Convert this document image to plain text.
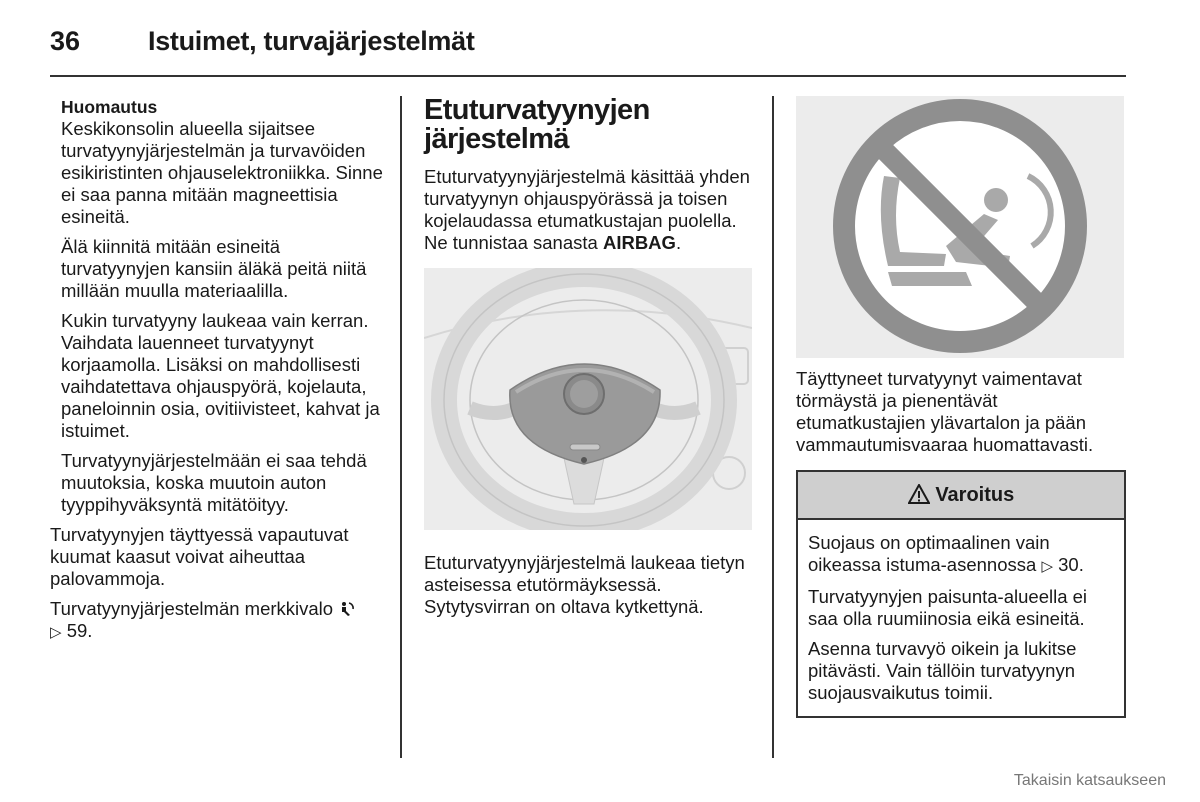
36	Istuimet, turvajärjestelmät

Huomautus

Keskikonsolin alueella sijaitsee turvatyynyjärjestelmän ja turvavöiden esikiristinten ohjauselektroniikka. Sinne ei saa panna mitään magneettisia esineitä.

Älä kiinnitä mitään esineitä turvatyynyjen kansiin äläkä peitä niitä millään muulla materiaalilla.

Kukin turvatyyny laukeaa vain kerran. Vaihdata lauenneet turvatyynyt korjaamolla. Lisäksi on mahdollisesti vaihdatettava ohjauspyörä, kojelauta, paneloinnin osia, ovitiivisteet, kahvat ja istuimet.

Turvatyynyjärjestelmään ei saa tehdä muutoksia, koska muutoin auton tyyppihyväksyntä mitätöityy.

Turvatyynyjen täyttyessä vapautuvat kuumat kaasut voivat aiheuttaa palovammoja.

Turvatyynyjärjestelmän merkkivalo
▷ 59.

Etuturvatyynyjen järjestelmä

Etuturvatyynyjärjestelmä käsittää yhden turvatyynyn ohjauspyörässä ja toisen kojelaudassa etumatkustajan puolella. Ne tunnistaa sanasta AIRBAG.

Etuturvatyynyjärjestelmä laukeaa tietyn asteisessa etutörmäyksessä. Sytytysvirran on oltava kytkettynä.

Täyttyneet turvatyynyt vaimentavat törmäystä ja pienentävät etumatkustajien ylävartalon ja pään vammautumisvaaraa huomattavasti.

Varoitus

Suojaus on optimaalinen vain oikeassa istuma-asennossa ▷ 30.

Turvatyynyjen paisunta-alueella ei saa olla ruumiinosia eikä esineitä.

Asenna turvavyö oikein ja lukitse pitävästi. Vain tällöin turvatyynyn suojausvaikutus toimii.

Takaisin katsaukseen
